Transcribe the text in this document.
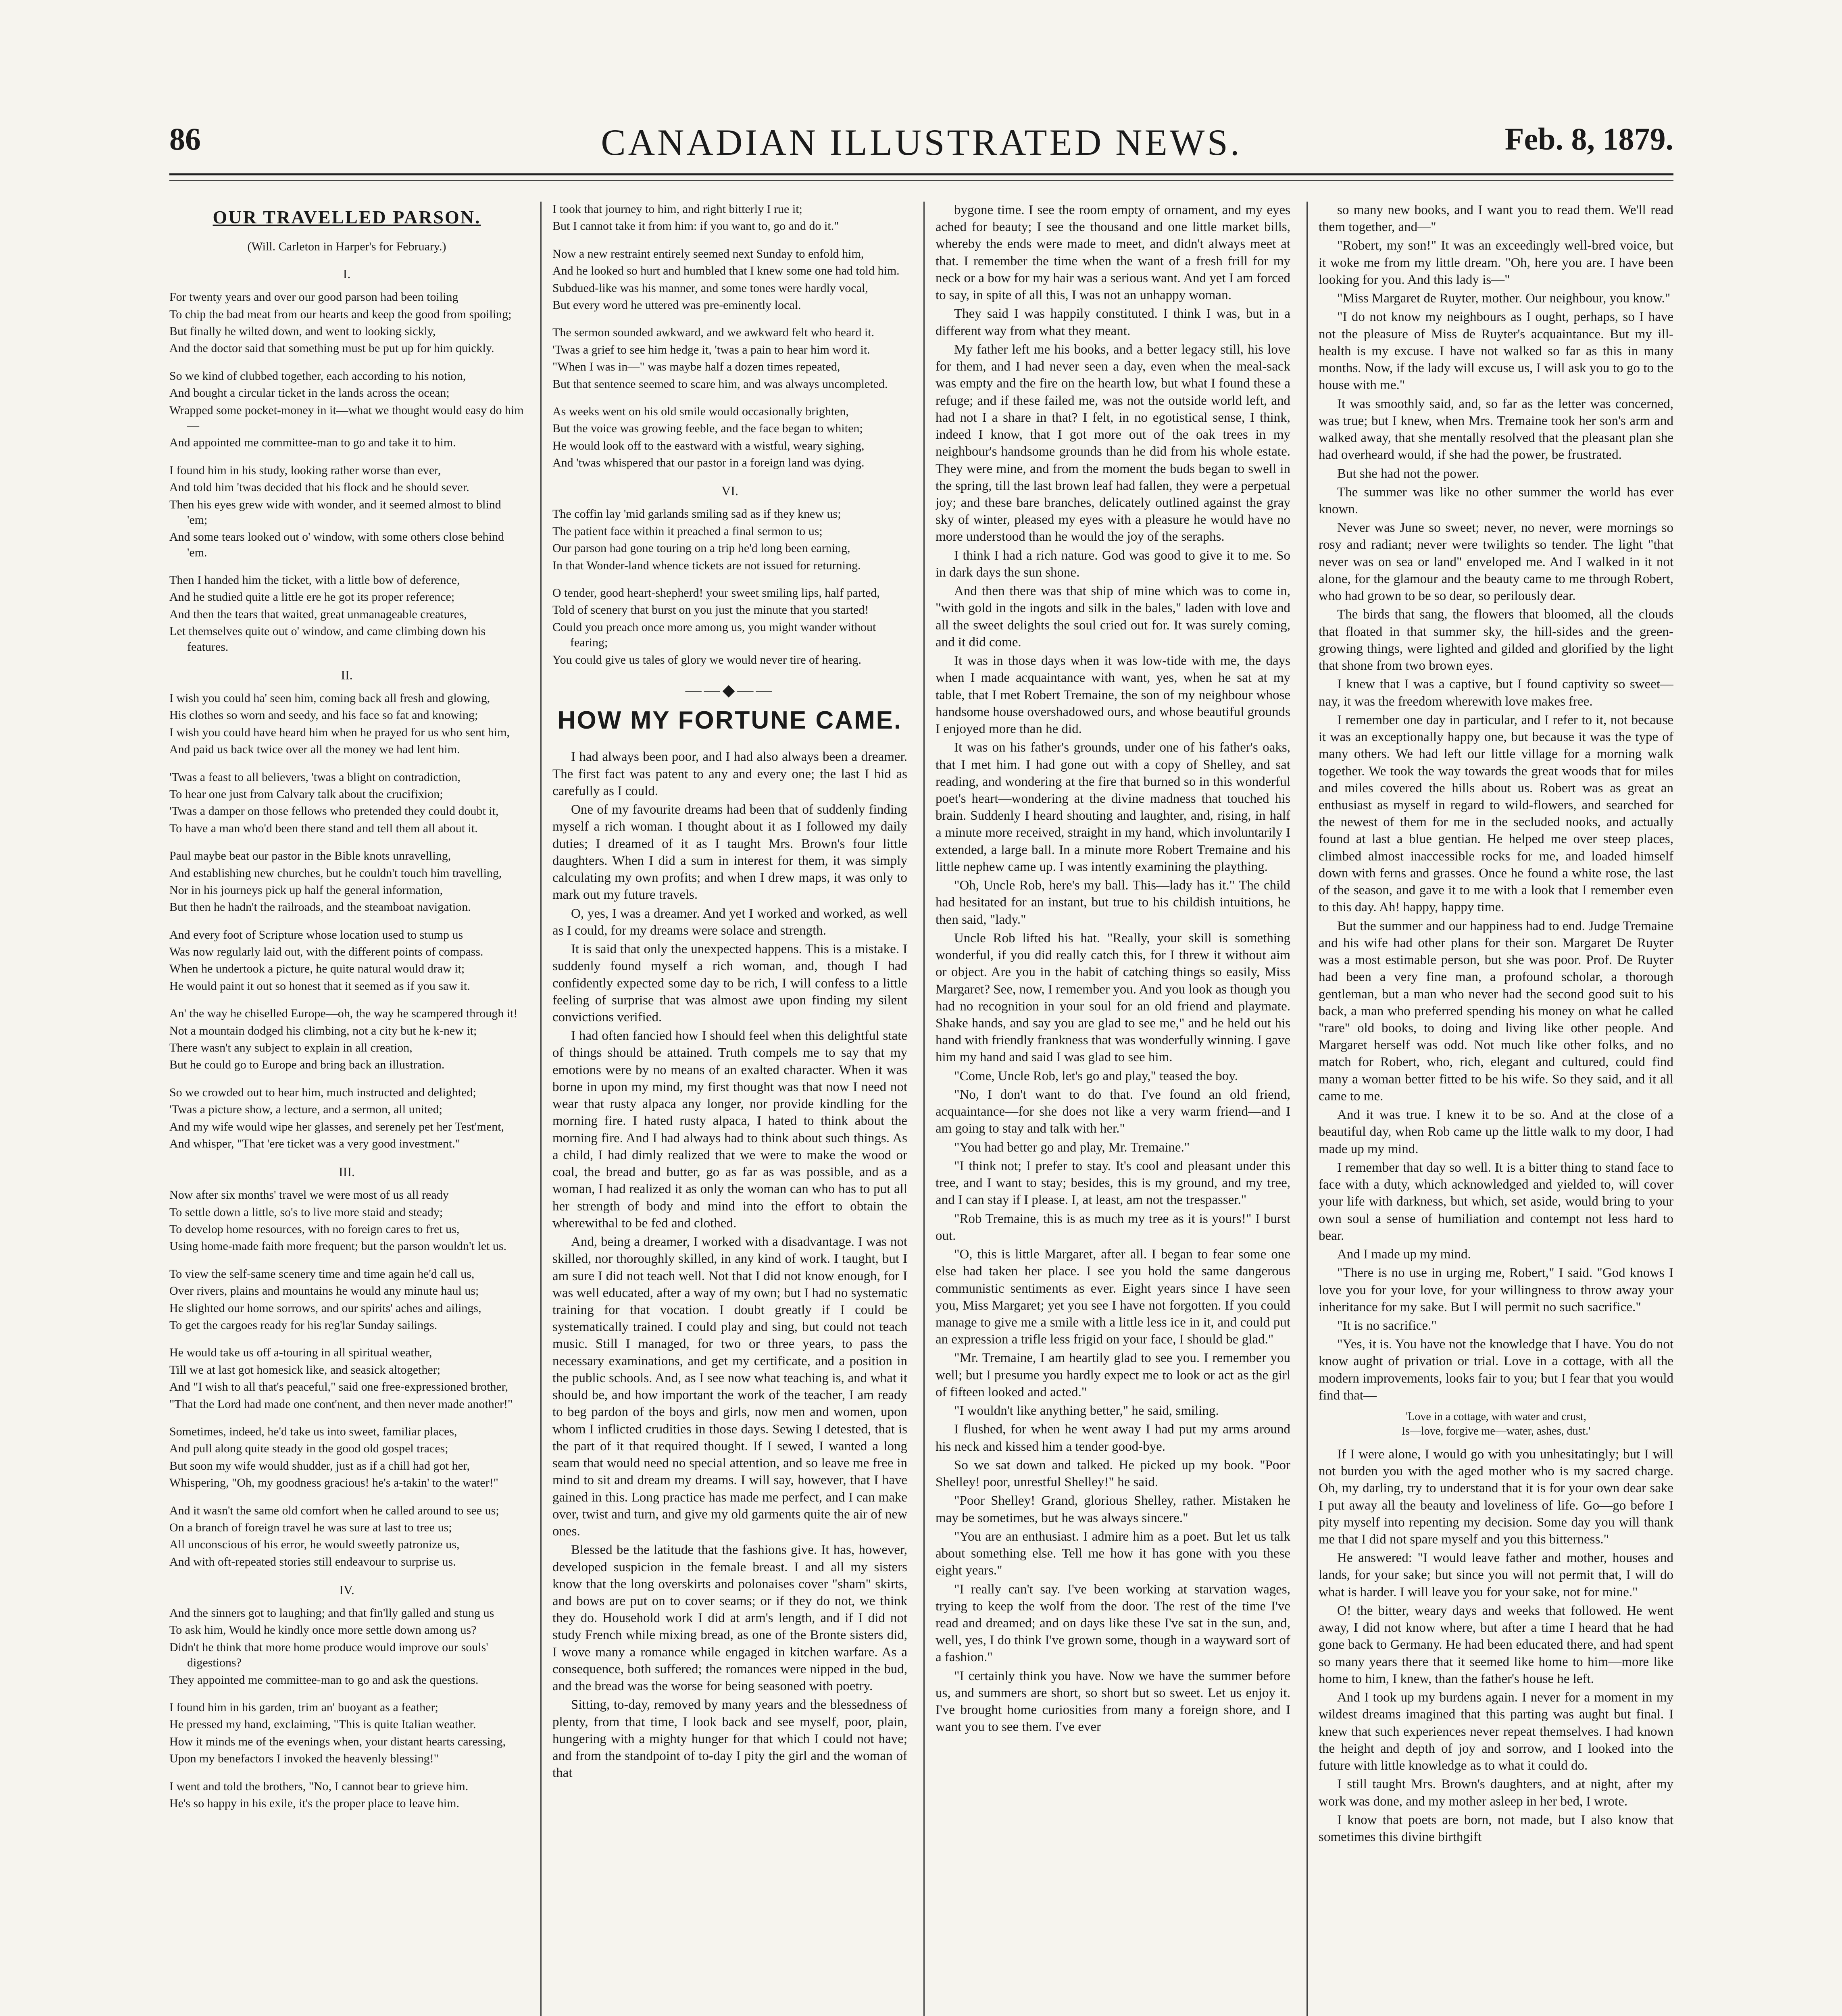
86	CANADIAN ILLUSTRATED NEWS.	Feb. 8, 1879.
OUR TRAVELLED PARSON.
(Will. Carleton in Harper's for February.)
I.

For twenty years and over our good parson had been toiling

To chip the bad meat from our hearts and keep the good from spoiling;

But finally he wilted down, and went to looking sickly,

And the doctor said that something must be put up for him quickly.

So we kind of clubbed together, each according to his notion,

And bought a circular ticket in the lands across the ocean;

Wrapped some pocket-money in it—what we thought would easy do him—

And appointed me committee-man to go and take it to him.

I found him in his study, looking rather worse than ever,

And told him 'twas decided that his flock and he should sever.

Then his eyes grew wide with wonder, and it seemed almost to blind 'em;

And some tears looked out o' window, with some others close behind 'em.

Then I handed him the ticket, with a little bow of deference,

And he studied quite a little ere he got its proper reference;

And then the tears that waited, great unmanageable creatures,

Let themselves quite out o' window, and came climbing down his features.

II.

I wish you could ha' seen him, coming back all fresh and glowing,

His clothes so worn and seedy, and his face so fat and knowing;

I wish you could have heard him when he prayed for us who sent him,

And paid us back twice over all the money we had lent him.

'Twas a feast to all believers, 'twas a blight on contradiction,

To hear one just from Calvary talk about the crucifixion;

'Twas a damper on those fellows who pretended they could doubt it,

To have a man who'd been there stand and tell them all about it.

Paul maybe beat our pastor in the Bible knots unravelling,

And establishing new churches, but he couldn't touch him travelling,

Nor in his journeys pick up half the general information,

But then he hadn't the railroads, and the steamboat navigation.

And every foot of Scripture whose location used to stump us

Was now regularly laid out, with the different points of compass.

When he undertook a picture, he quite natural would draw it;

He would paint it out so honest that it seemed as if you saw it.

An' the way he chiselled Europe—oh, the way he scampered through it!

Not a mountain dodged his climbing, not a city but he k-new it;

There wasn't any subject to explain in all creation,

But he could go to Europe and bring back an illustration.

So we crowded out to hear him, much instructed and delighted;

'Twas a picture show, a lecture, and a sermon, all united;

And my wife would wipe her glasses, and serenely pet her Test'ment,

And whisper, "That 'ere ticket was a very good investment."

III.

Now after six months' travel we were most of us all ready

To settle down a little, so's to live more staid and steady;

To develop home resources, with no foreign cares to fret us,

Using home-made faith more frequent; but the parson wouldn't let us.

To view the self-same scenery time and time again he'd call us,

Over rivers, plains and mountains he would any minute haul us;

He slighted our home sorrows, and our spirits' aches and ailings,

To get the cargoes ready for his reg'lar Sunday sailings.

He would take us off a-touring in all spiritual weather,

Till we at last got homesick like, and seasick altogether;

And "I wish to all that's peaceful," said one free-expressioned brother,

"That the Lord had made one cont'nent, and then never made another!"

Sometimes, indeed, he'd take us into sweet, familiar places,

And pull along quite steady in the good old gospel traces;

But soon my wife would shudder, just as if a chill had got her,

Whispering, "Oh, my goodness gracious! he's a-takin' to the water!"

And it wasn't the same old comfort when he called around to see us;

On a branch of foreign travel he was sure at last to tree us;

All unconscious of his error, he would sweetly patronize us,

And with oft-repeated stories still endeavour to surprise us.

IV.

And the sinners got to laughing; and that fin'lly galled and stung us

To ask him, Would he kindly once more settle down among us?

Didn't he think that more home produce would improve our souls' digestions?

They appointed me committee-man to go and ask the questions.

I found him in his garden, trim an' buoyant as a feather;

He pressed my hand, exclaiming, "This is quite Italian weather.

How it minds me of the evenings when, your distant hearts caressing,

Upon my benefactors I invoked the heavenly blessing!"

I went and told the brothers, "No, I cannot bear to grieve him.

He's so happy in his exile, it's the proper place to leave him.

I took that journey to him, and right bitterly I rue it;

But I cannot take it from him: if you want to, go and do it."

Now a new restraint entirely seemed next Sunday to enfold him,

And he looked so hurt and humbled that I knew some one had told him.

Subdued-like was his manner, and some tones were hardly vocal,

But every word he uttered was pre-eminently local.

The sermon sounded awkward, and we awkward felt who heard it.

'Twas a grief to see him hedge it, 'twas a pain to hear him word it.

"When I was in—" was maybe half a dozen times repeated,

But that sentence seemed to scare him, and was always uncompleted.

As weeks went on his old smile would occasionally brighten,

But the voice was growing feeble, and the face began to whiten;

He would look off to the eastward with a wistful, weary sighing,

And 'twas whispered that our pastor in a foreign land was dying.

VI.

The coffin lay 'mid garlands smiling sad as if they knew us;

The patient face within it preached a final sermon to us;

Our parson had gone touring on a trip he'd long been earning,

In that Wonder-land whence tickets are not issued for returning.

O tender, good heart-shepherd! your sweet smiling lips, half parted,

Told of scenery that burst on you just the minute that you started!

Could you preach once more among us, you might wander without fearing;

You could give us tales of glory we would never tire of hearing.

——◆——
HOW MY FORTUNE CAME.

I had always been poor, and I had also always been a dreamer. The first fact was patent to any and every one; the last I hid as carefully as I could.

One of my favourite dreams had been that of suddenly finding myself a rich woman. I thought about it as I followed my daily duties; I dreamed of it as I taught Mrs. Brown's four little daughters. When I did a sum in interest for them, it was simply calculating my own profits; and when I drew maps, it was only to mark out my future travels.

O, yes, I was a dreamer. And yet I worked and worked, as well as I could, for my dreams were solace and strength.

It is said that only the unexpected happens. This is a mistake. I suddenly found myself a rich woman, and, though I had confidently expected some day to be rich, I will confess to a little feeling of surprise that was almost awe upon finding my silent convictions verified.

I had often fancied how I should feel when this delightful state of things should be attained. Truth compels me to say that my emotions were by no means of an exalted character. When it was borne in upon my mind, my first thought was that now I need not wear that rusty alpaca any longer, nor provide kindling for the morning fire. I hated rusty alpaca, I hated to think about the morning fire. And I had always had to think about such things. As a child, I had dimly realized that we were to make the wood or coal, the bread and butter, go as far as was possible, and as a woman, I had realized it as only the woman can who has to put all her strength of body and mind into the effort to obtain the wherewithal to be fed and clothed.

And, being a dreamer, I worked with a disadvantage. I was not skilled, nor thoroughly skilled, in any kind of work. I taught, but I am sure I did not teach well. Not that I did not know enough, for I was well educated, after a way of my own; but I had no systematic training for that vocation. I doubt greatly if I could be systematically trained. I could play and sing, but could not teach music. Still I managed, for two or three years, to pass the necessary examinations, and get my certificate, and a position in the public schools. And, as I see now what teaching is, and what it should be, and how important the work of the teacher, I am ready to beg pardon of the boys and girls, now men and women, upon whom I inflicted crudities in those days. Sewing I detested, that is the part of it that required thought. If I sewed, I wanted a long seam that would need no special attention, and so leave me free in mind to sit and dream my dreams. I will say, however, that I have gained in this. Long practice has made me perfect, and I can make over, twist and turn, and give my old garments quite the air of new ones.

Blessed be the latitude that the fashions give. It has, however, developed suspicion in the female breast. I and all my sisters know that the long overskirts and polonaises cover "sham" skirts, and bows are put on to cover seams; or if they do not, we think they do. Household work I did at arm's length, and if I did not study French while mixing bread, as one of the Bronte sisters did, I wove many a romance while engaged in kitchen warfare. As a consequence, both suffered; the romances were nipped in the bud, and the bread was the worse for being seasoned with poetry.

Sitting, to-day, removed by many years and the blessedness of plenty, from that time, I look back and see myself, poor, plain, hungering with a mighty hunger for that which I could not have; and from the standpoint of to-day I pity the girl and the woman of that

bygone time. I see the room empty of ornament, and my eyes ached for beauty; I see the thousand and one little market bills, whereby the ends were made to meet, and didn't always meet at that. I remember the time when the want of a fresh frill for my neck or a bow for my hair was a serious want. And yet I am forced to say, in spite of all this, I was not an unhappy woman.

They said I was happily constituted. I think I was, but in a different way from what they meant.

My father left me his books, and a better legacy still, his love for them, and I had never seen a day, even when the meal-sack was empty and the fire on the hearth low, but what I found these a refuge; and if these failed me, was not the outside world left, and had not I a share in that? I felt, in no egotistical sense, I think, indeed I know, that I got more out of the oak trees in my neighbour's handsome grounds than he did from his whole estate. They were mine, and from the moment the buds began to swell in the spring, till the last brown leaf had fallen, they were a perpetual joy; and these bare branches, delicately outlined against the gray sky of winter, pleased my eyes with a pleasure he would have no more understood than he would the joy of the seraphs.

I think I had a rich nature. God was good to give it to me. So in dark days the sun shone.

And then there was that ship of mine which was to come in, "with gold in the ingots and silk in the bales," laden with love and all the sweet delights the soul cried out for. It was surely coming, and it did come.

It was in those days when it was low-tide with me, the days when I made acquaintance with want, yes, when he sat at my table, that I met Robert Tremaine, the son of my neighbour whose handsome house overshadowed ours, and whose beautiful grounds I enjoyed more than he did.

It was on his father's grounds, under one of his father's oaks, that I met him. I had gone out with a copy of Shelley, and sat reading, and wondering at the fire that burned so in this wonderful poet's heart—wondering at the divine madness that touched his brain. Suddenly I heard shouting and laughter, and, rising, in half a minute more received, straight in my hand, which involuntarily I extended, a large ball. In a minute more Robert Tremaine and his little nephew came up. I was intently examining the plaything.

"Oh, Uncle Rob, here's my ball. This—lady has it." The child had hesitated for an instant, but true to his childish intuitions, he then said, "lady."

Uncle Rob lifted his hat. "Really, your skill is something wonderful, if you did really catch this, for I threw it without aim or object. Are you in the habit of catching things so easily, Miss Margaret? See, now, I remember you. And you look as though you had no recognition in your soul for an old friend and playmate. Shake hands, and say you are glad to see me," and he held out his hand with friendly frankness that was wonderfully winning. I gave him my hand and said I was glad to see him.

"Come, Uncle Rob, let's go and play," teased the boy.

"No, I don't want to do that. I've found an old friend, acquaintance—for she does not like a very warm friend—and I am going to stay and talk with her."

"You had better go and play, Mr. Tremaine."

"I think not; I prefer to stay. It's cool and pleasant under this tree, and I want to stay; besides, this is my ground, and my tree, and I can stay if I please. I, at least, am not the trespasser."

"Rob Tremaine, this is as much my tree as it is yours!" I burst out.

"O, this is little Margaret, after all. I began to fear some one else had taken her place. I see you hold the same dangerous communistic sentiments as ever. Eight years since I have seen you, Miss Margaret; yet you see I have not forgotten. If you could manage to give me a smile with a little less ice in it, and could put an expression a trifle less frigid on your face, I should be glad."

"Mr. Tremaine, I am heartily glad to see you. I remember you well; but I presume you hardly expect me to look or act as the girl of fifteen looked and acted."

"I wouldn't like anything better," he said, smiling.

I flushed, for when he went away I had put my arms around his neck and kissed him a tender good-bye.

So we sat down and talked. He picked up my book. "Poor Shelley! poor, unrestful Shelley!" he said.

"Poor Shelley! Grand, glorious Shelley, rather. Mistaken he may be sometimes, but he was always sincere."

"You are an enthusiast. I admire him as a poet. But let us talk about something else. Tell me how it has gone with you these eight years."

"I really can't say. I've been working at starvation wages, trying to keep the wolf from the door. The rest of the time I've read and dreamed; and on days like these I've sat in the sun, and, well, yes, I do think I've grown some, though in a wayward sort of a fashion."

"I certainly think you have. Now we have the summer before us, and summers are short, so short but so sweet. Let us enjoy it. I've brought home curiosities from many a foreign shore, and I want you to see them. I've ever

so many new books, and I want you to read them. We'll read them together, and—"

"Robert, my son!" It was an exceedingly well-bred voice, but it woke me from my little dream. "Oh, here you are. I have been looking for you. And this lady is—"

"Miss Margaret de Ruyter, mother. Our neighbour, you know."

"I do not know my neighbours as I ought, perhaps, so I have not the pleasure of Miss de Ruyter's acquaintance. But my ill-health is my excuse. I have not walked so far as this in many months. Now, if the lady will excuse us, I will ask you to go to the house with me."

It was smoothly said, and, so far as the letter was concerned, was true; but I knew, when Mrs. Tremaine took her son's arm and walked away, that she mentally resolved that the pleasant plan she had overheard would, if she had the power, be frustrated.

But she had not the power.

The summer was like no other summer the world has ever known.

Never was June so sweet; never, no never, were mornings so rosy and radiant; never were twilights so tender. The light "that never was on sea or land" enveloped me. And I walked in it not alone, for the glamour and the beauty came to me through Robert, who had grown to be so dear, so perilously dear.

The birds that sang, the flowers that bloomed, all the clouds that floated in that summer sky, the hill-sides and the green-growing things, were lighted and gilded and glorified by the light that shone from two brown eyes.

I knew that I was a captive, but I found captivity so sweet—nay, it was the freedom wherewith love makes free.

I remember one day in particular, and I refer to it, not because it was an exceptionally happy one, but because it was the type of many others. We had left our little village for a morning walk together. We took the way towards the great woods that for miles and miles covered the hills about us. Robert was as great an enthusiast as myself in regard to wild-flowers, and searched for the newest of them for me in the secluded nooks, and actually found at last a blue gentian. He helped me over steep places, climbed almost inaccessible rocks for me, and loaded himself down with ferns and grasses. Once he found a white rose, the last of the season, and gave it to me with a look that I remember even to this day. Ah! happy, happy time.

But the summer and our happiness had to end. Judge Tremaine and his wife had other plans for their son. Margaret De Ruyter was a most estimable person, but she was poor. Prof. De Ruyter had been a very fine man, a profound scholar, a thorough gentleman, but a man who never had the second good suit to his back, a man who preferred spending his money on what he called "rare" old books, to doing and living like other people. And Margaret herself was odd. Not much like other folks, and no match for Robert, who, rich, elegant and cultured, could find many a woman better fitted to be his wife. So they said, and it all came to me.

And it was true. I knew it to be so. And at the close of a beautiful day, when Rob came up the little walk to my door, I had made up my mind.

I remember that day so well. It is a bitter thing to stand face to face with a duty, which acknowledged and yielded to, will cover your life with darkness, but which, set aside, would bring to your own soul a sense of humiliation and contempt not less hard to bear.

And I made up my mind.

"There is no use in urging me, Robert," I said. "God knows I love you for your love, for your willingness to throw away your inheritance for my sake. But I will permit no such sacrifice."

"It is no sacrifice."

"Yes, it is. You have not the knowledge that I have. You do not know aught of privation or trial. Love in a cottage, with all the modern improvements, looks fair to you; but I fear that you would find that—

'Love in a cottage, with water and crust,
Is—love, forgive me—water, ashes, dust.'

If I were alone, I would go with you unhesitatingly; but I will not burden you with the aged mother who is my sacred charge. Oh, my darling, try to understand that it is for your own dear sake I put away all the beauty and loveliness of life. Go—go before I pity myself into repenting my decision. Some day you will thank me that I did not spare myself and you this bitterness."

He answered: "I would leave father and mother, houses and lands, for your sake; but since you will not permit that, I will do what is harder. I will leave you for your sake, not for mine."

O! the bitter, weary days and weeks that followed. He went away, I did not know where, but after a time I heard that he had gone back to Germany. He had been educated there, and had spent so many years there that it seemed like home to him—more like home to him, I knew, than the father's house he left.

And I took up my burdens again. I never for a moment in my wildest dreams imagined that this parting was aught but final. I knew that such experiences never repeat themselves. I had known the height and depth of joy and sorrow, and I looked into the future with little knowledge as to what it could do.

I still taught Mrs. Brown's daughters, and at night, after my work was done, and my mother asleep in her bed, I wrote.

I know that poets are born, not made, but I also know that sometimes this divine birthgift
